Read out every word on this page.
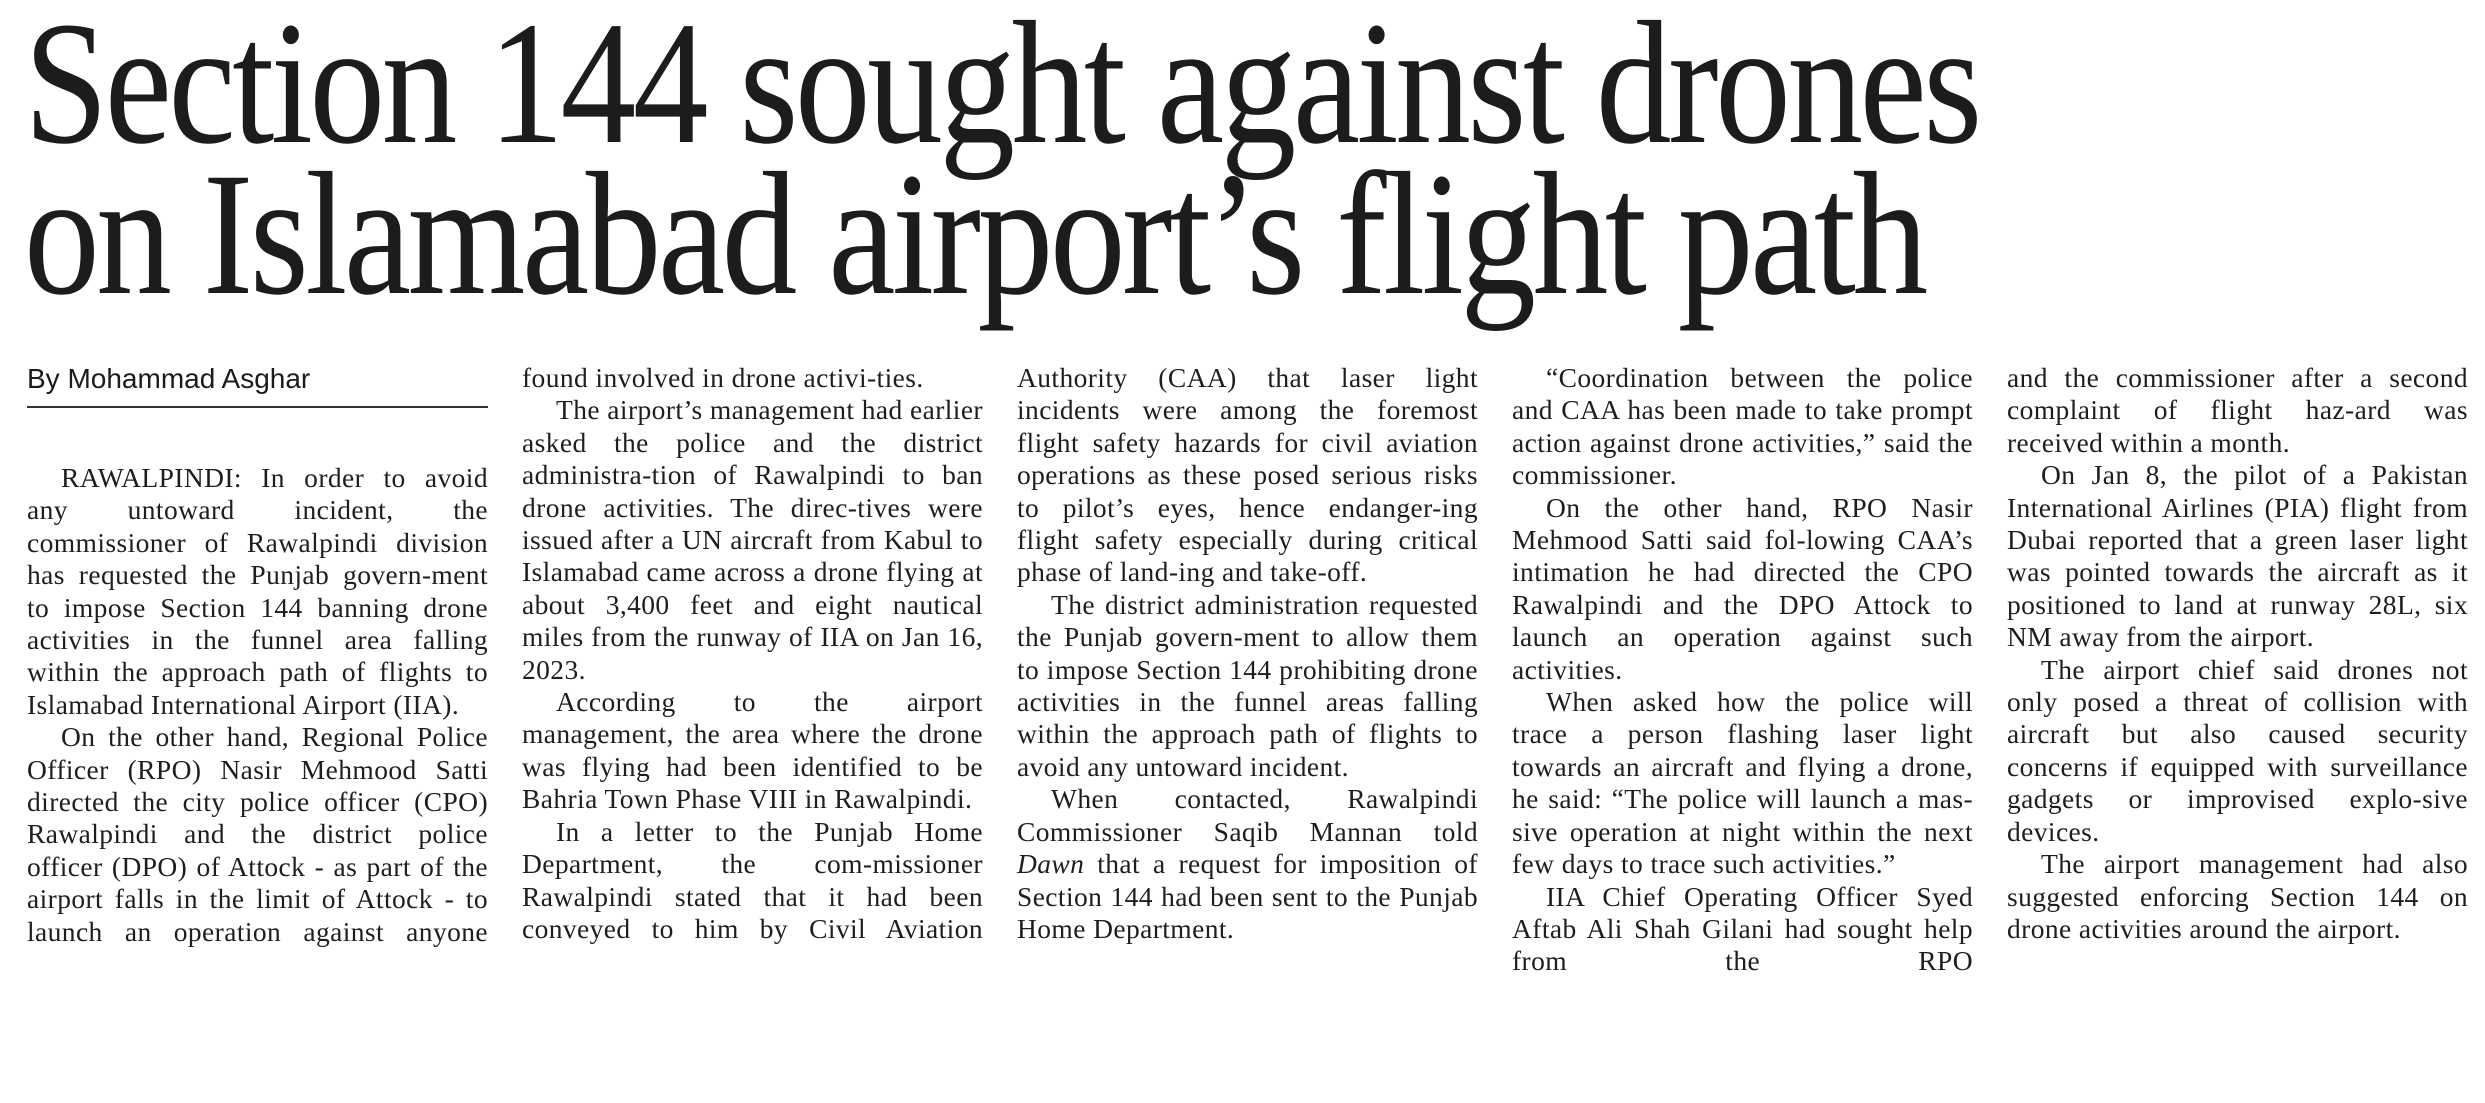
Section 144 sought against drones
on Islamabad airport’s flight path

By Mohammad Asghar

RAWALPINDI: In order to avoid any untoward incident, the commissioner of Rawalpindi division has requested the Punjab govern-ment to impose Section 144 banning drone activities in the funnel area falling within the approach path of flights to Islamabad International Airport (IIA).

On the other hand, Regional Police Officer (RPO) Nasir Mehmood Satti directed the city police officer (CPO) Rawalpindi and the district police officer (DPO) of Attock - as part of the airport falls in the limit of Attock - to launch an operation against anyone

found involved in drone activi-ties.

The airport’s management had earlier asked the police and the district administra-tion of Rawalpindi to ban drone activities. The direc-tives were issued after a UN aircraft from Kabul to Islamabad came across a drone flying at about 3,400 feet and eight nautical miles from the runway of IIA on Jan 16, 2023.

According to the airport management, the area where the drone was flying had been identified to be Bahria Town Phase VIII in Rawalpindi.

In a letter to the Punjab Home Department, the com-missioner Rawalpindi stated that it had been conveyed to him by Civil Aviation

Authority (CAA) that laser light incidents were among the foremost flight safety hazards for civil aviation operations as these posed serious risks to pilot’s eyes, hence endanger-ing flight safety especially during critical phase of land-ing and take-off.

The district administration requested the Punjab govern-ment to allow them to impose Section 144 prohibiting drone activities in the funnel areas falling within the approach path of flights to avoid any untoward incident.

When contacted, Rawalpindi Commissioner Saqib Mannan told Dawn that a request for imposition of Section 144 had been sent to the Punjab Home Department.

“Coordination between the police and CAA has been made to take prompt action against drone activities,” said the commissioner.

On the other hand, RPO Nasir Mehmood Satti said fol-lowing CAA’s intimation he had directed the CPO Rawalpindi and the DPO Attock to launch an operation against such activities.

When asked how the police will trace a person flashing laser light towards an aircraft and flying a drone, he said: “The police will launch a mas-sive operation at night within the next few days to trace such activities.”

IIA Chief Operating Officer Syed Aftab Ali Shah Gilani had sought help from the RPO

and the commissioner after a second complaint of flight haz-ard was received within a month.

On Jan 8, the pilot of a Pakistan International Airlines (PIA) flight from Dubai reported that a green laser light was pointed towards the aircraft as it positioned to land at runway 28L, six NM away from the airport.

The airport chief said drones not only posed a threat of collision with aircraft but also caused security concerns if equipped with surveillance gadgets or improvised explo-sive devices.

The airport management had also suggested enforcing Section 144 on drone activities around the airport.
